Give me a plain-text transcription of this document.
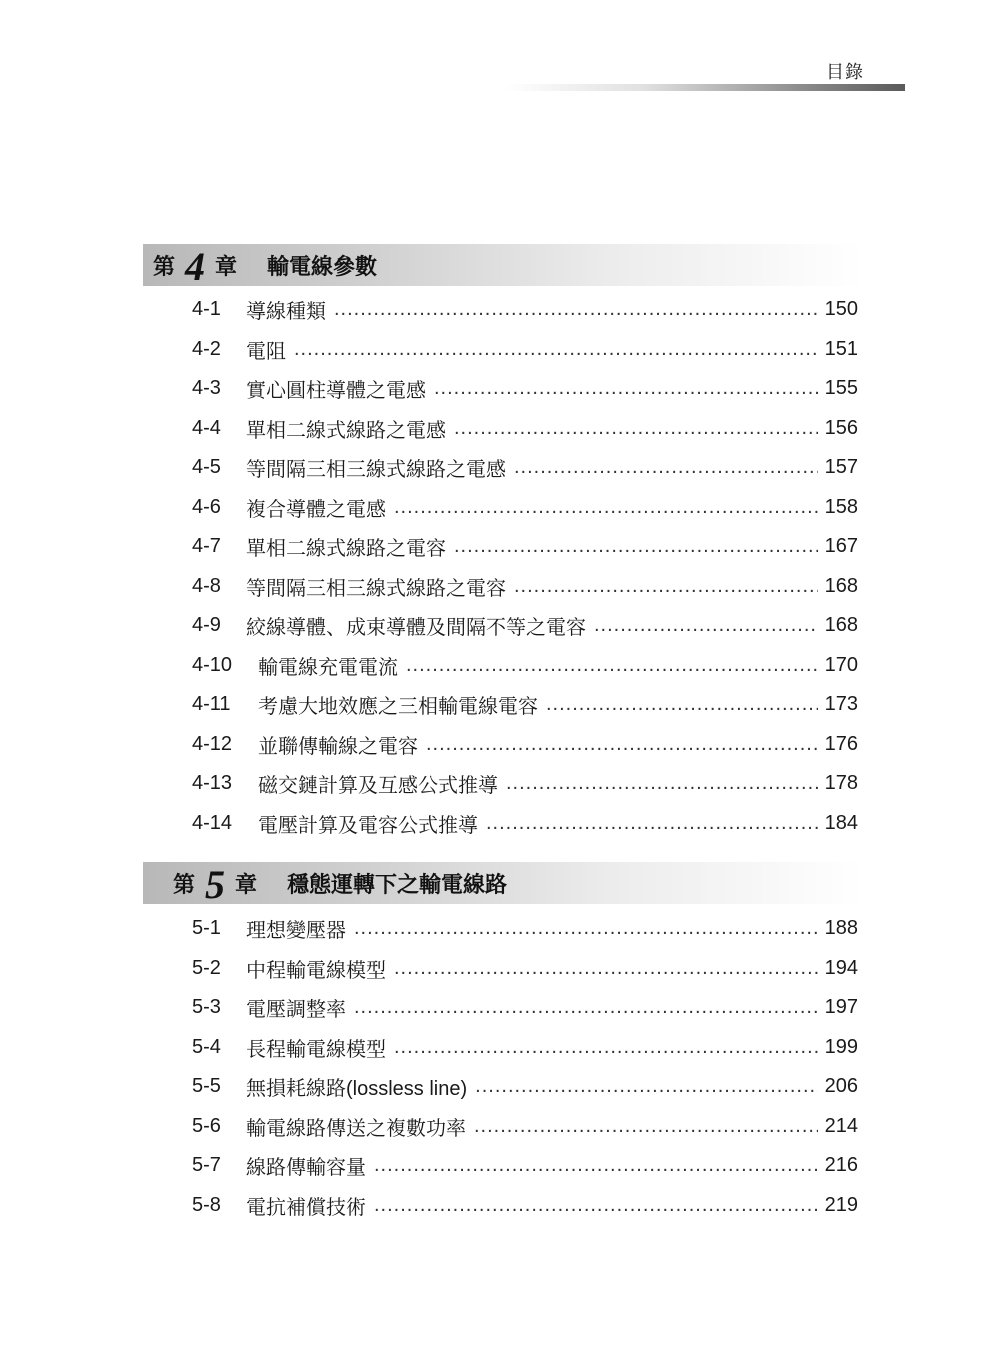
目錄
第 4 章 輸電線參數
4-1	導線種類 .....	150
4-2	電阻 .....	151
4-3	實心圓柱導體之電感 .....	155
4-4	單相二線式線路之電感 .....	156
4-5	等間隔三相三線式線路之電感 .....	157
4-6	複合導體之電感 .....	158
4-7	單相二線式線路之電容 .....	167
4-8	等間隔三相三線式線路之電容 .....	168
4-9	絞線導體、成束導體及間隔不等之電容 .....	168
4-10	輸電線充電電流 .....	170
4-11	考慮大地效應之三相輸電線電容 .....	173
4-12	並聯傳輸線之電容 .....	176
4-13	磁交鏈計算及互感公式推導 .....	178
4-14	電壓計算及電容公式推導 .....	184
第 5 章 穩態運轉下之輸電線路
5-1	理想變壓器 .....	188
5-2	中程輸電線模型 .....	194
5-3	電壓調整率 .....	197
5-4	長程輸電線模型 .....	199
5-5	無損耗線路(lossless line) .....	206
5-6	輸電線路傳送之複數功率 .....	214
5-7	線路傳輸容量 .....	216
5-8	電抗補償技術 .....	219
